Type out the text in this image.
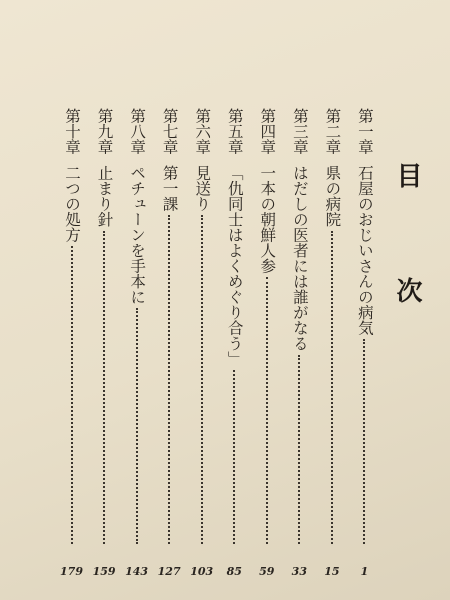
目 次
第一章
石屋のおじいさんの病気
1
第二章
県の病院
15
第三章
はだしの医者には誰がなる
33
第四章
一本の朝鮮人参
59
第五章
「仇同士はよくめぐり合う」
85
第六章
見送り
103
第七章
第一課
127
第八章
ペチューンを手本に
143
第九章
止まり針
159
第十章
二つの処方
179
